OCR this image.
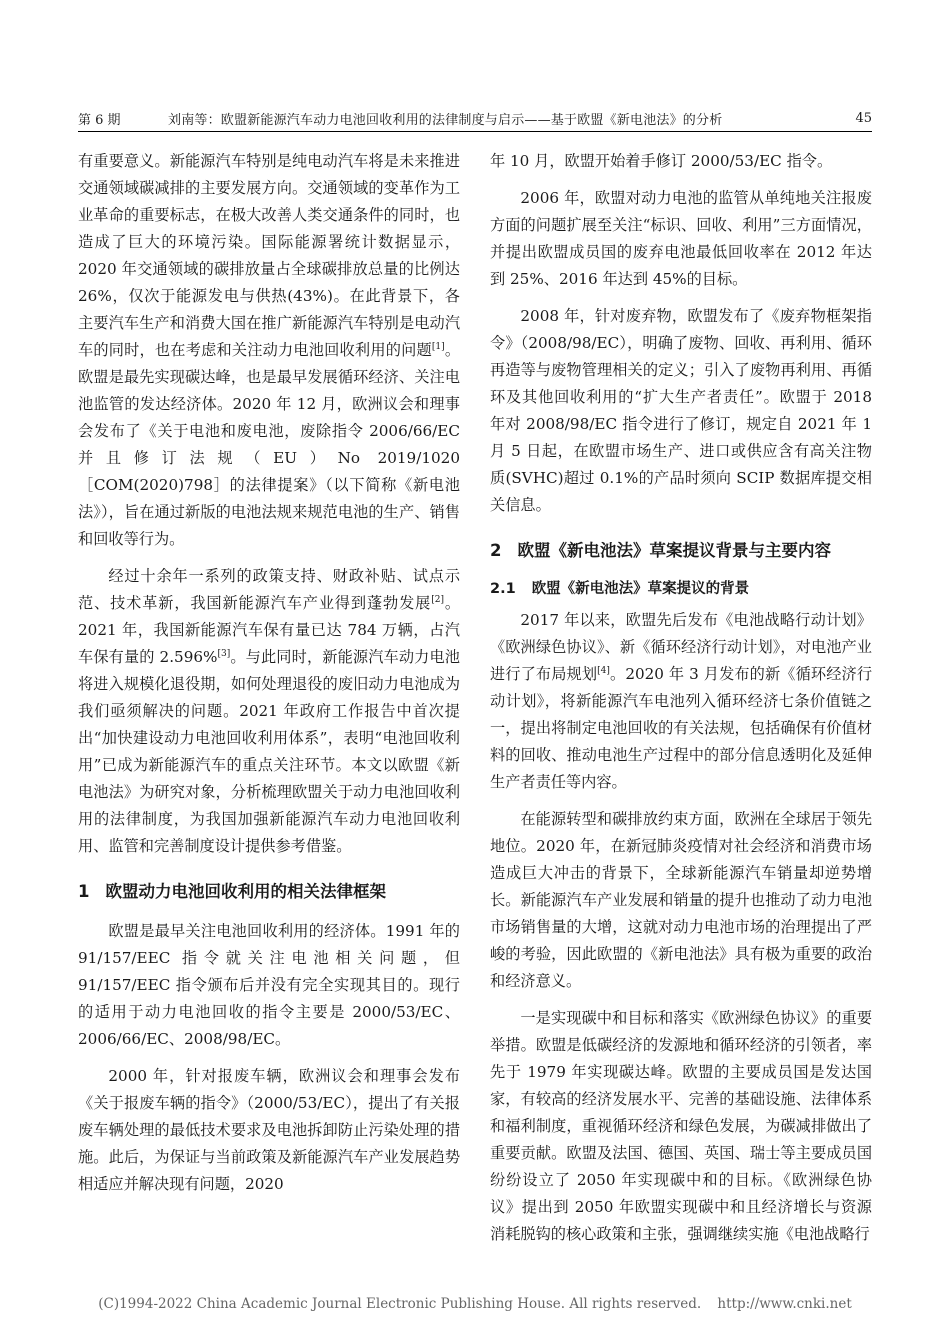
第 6 期	刘南等：欧盟新能源汽车动力电池回收利用的法律制度与启示——基于欧盟《新电池法》的分析	45

有重要意义。新能源汽车特别是纯电动汽车将是未来推进交通领域碳减排的主要发展方向。交通领域的变革作为工业革命的重要标志，在极大改善人类交通条件的同时，也造成了巨大的环境污染。国际能源署统计数据显示，2020 年交通领域的碳排放量占全球碳排放总量的比例达 26%，仅次于能源发电与供热(43%)。在此背景下，各主要汽车生产和消费大国在推广新能源汽车特别是电动汽车的同时，也在考虑和关注动力电池回收利用的问题[1]。欧盟是最先实现碳达峰，也是最早发展循环经济、关注电池监管的发达经济体。2020 年 12 月，欧洲议会和理事会发布了《关于电池和废电池，废除指令 2006/66/EC 并且修订法规（EU）No 2019/1020［COM(2020)798］的法律提案》（以下简称《新电池法》），旨在通过新版的电池法规来规范电池的生产、销售和回收等行为。

经过十余年一系列的政策支持、财政补贴、试点示范、技术革新，我国新能源汽车产业得到蓬勃发展[2]。2021 年，我国新能源汽车保有量已达 784 万辆，占汽车保有量的 2.596%[3]。与此同时，新能源汽车动力电池将进入规模化退役期，如何处理退役的废旧动力电池成为我们亟须解决的问题。2021 年政府工作报告中首次提出“加快建设动力电池回收利用体系”，表明“电池回收利用”已成为新能源汽车的重点关注环节。本文以欧盟《新电池法》为研究对象，分析梳理欧盟关于动力电池回收利用的法律制度，为我国加强新能源汽车动力电池回收利用、监管和完善制度设计提供参考借鉴。

1 欧盟动力电池回收利用的相关法律框架

欧盟是最早关注电池回收利用的经济体。1991 年的 91/157/EEC 指令就关注电池相关问题，但 91/157/EEC 指令颁布后并没有完全实现其目的。现行的适用于动力电池回收的指令主要是 2000/53/EC、2006/66/EC、2008/98/EC。

2000 年，针对报废车辆，欧洲议会和理事会发布《关于报废车辆的指令》（2000/53/EC），提出了有关报废车辆处理的最低技术要求及电池拆卸防止污染处理的措施。此后，为保证与当前政策及新能源汽车产业发展趋势相适应并解决现有问题，2020

年 10 月，欧盟开始着手修订 2000/53/EC 指令。

2006 年，欧盟对动力电池的监管从单纯地关注报废方面的问题扩展至关注“标识、回收、利用”三方面情况，并提出欧盟成员国的废弃电池最低回收率在 2012 年达到 25%、2016 年达到 45%的目标。

2008 年，针对废弃物，欧盟发布了《废弃物框架指令》（2008/98/EC），明确了废物、回收、再利用、循环再造等与废物管理相关的定义；引入了废物再利用、再循环及其他回收利用的“扩大生产者责任”。欧盟于 2018 年对 2008/98/EC 指令进行了修订，规定自 2021 年 1 月 5 日起，在欧盟市场生产、进口或供应含有高关注物质(SVHC)超过 0.1%的产品时须向 SCIP 数据库提交相关信息。

2 欧盟《新电池法》草案提议背景与主要内容
2.1 欧盟《新电池法》草案提议的背景

2017 年以来，欧盟先后发布《电池战略行动计划》《欧洲绿色协议》、新《循环经济行动计划》，对电池产业进行了布局规划[4]。2020 年 3 月发布的新《循环经济行动计划》，将新能源汽车电池列入循环经济七条价值链之一，提出将制定电池回收的有关法规，包括确保有价值材料的回收、推动电池生产过程中的部分信息透明化及延伸生产者责任等内容。

在能源转型和碳排放约束方面，欧洲在全球居于领先地位。2020 年，在新冠肺炎疫情对社会经济和消费市场造成巨大冲击的背景下，全球新能源汽车销量却逆势增长。新能源汽车产业发展和销量的提升也推动了动力电池市场销售量的大增，这就对动力电池市场的治理提出了严峻的考验，因此欧盟的《新电池法》具有极为重要的政治和经济意义。

一是实现碳中和目标和落实《欧洲绿色协议》的重要举措。欧盟是低碳经济的发源地和循环经济的引领者，率先于 1979 年实现碳达峰。欧盟的主要成员国是发达国家，有较高的经济发展水平、完善的基础设施、法律体系和福利制度，重视循环经济和绿色发展，为碳减排做出了重要贡献。欧盟及法国、德国、英国、瑞士等主要成员国纷纷设立了 2050 年实现碳中和的目标。《欧洲绿色协议》提出到 2050 年欧盟实现碳中和且经济增长与资源消耗脱钩的核心政策和主张，强调继续实施《电池战略行

(C)1994-2022 China Academic Journal Electronic Publishing House. All rights reserved. http://www.cnki.net
